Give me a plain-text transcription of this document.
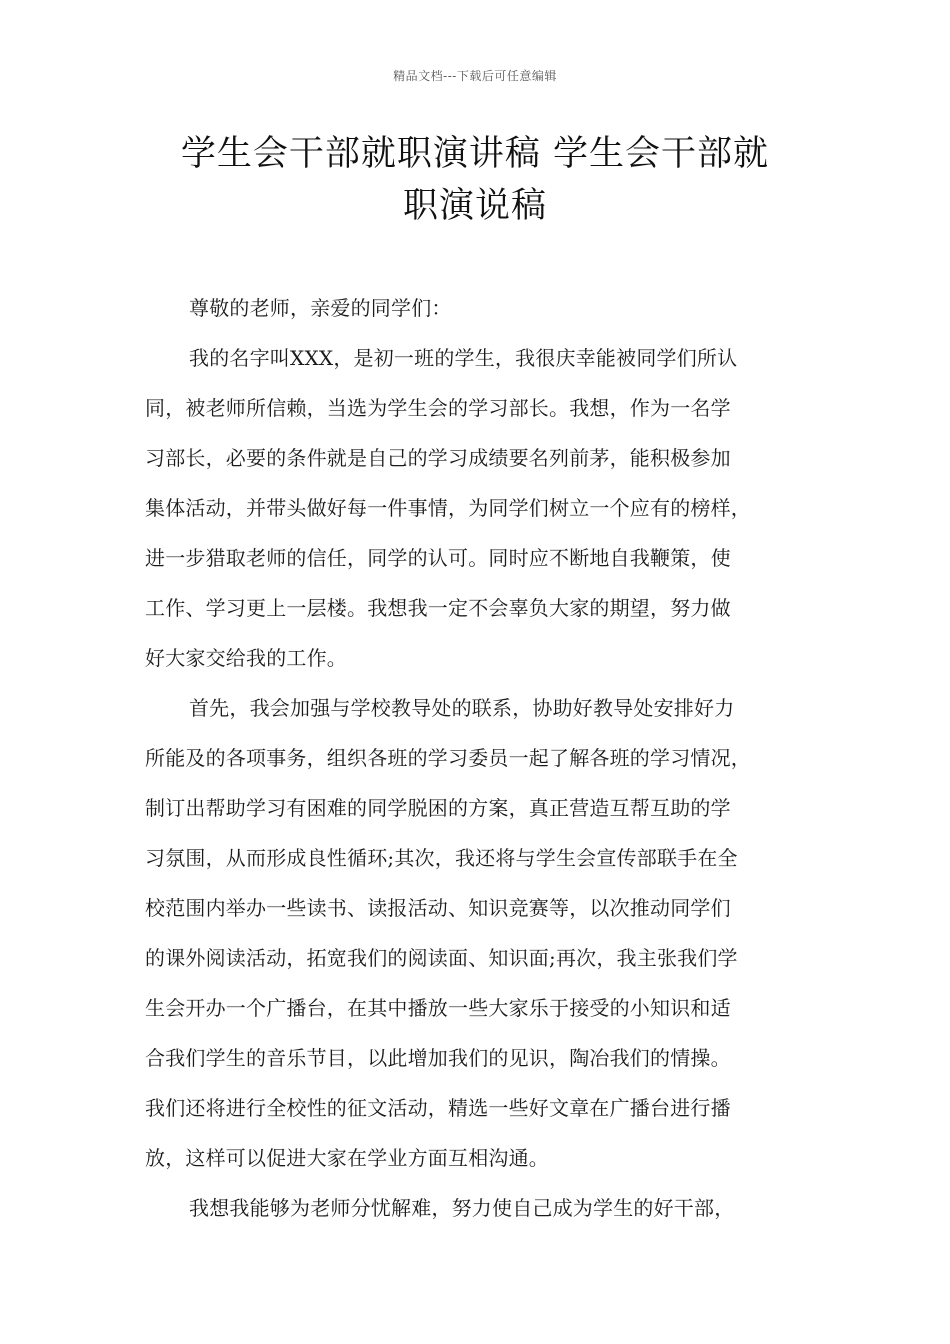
精品文档---下载后可任意编辑
学生会干部就职演讲稿 学生会干部就
职演说稿
尊敬的老师，亲爱的同学们：
我的名字叫XXX，是初一班的学生，我很庆幸能被同学们所认
同，被老师所信赖，当选为学生会的学习部长。我想，作为一名学
习部长，必要的条件就是自己的学习成绩要名列前茅，能积极参加
集体活动，并带头做好每一件事情，为同学们树立一个应有的榜样，
进一步猎取老师的信任，同学的认可。同时应不断地自我鞭策，使
工作、学习更上一层楼。我想我一定不会辜负大家的期望，努力做
好大家交给我的工作。
首先，我会加强与学校教导处的联系，协助好教导处安排好力
所能及的各项事务，组织各班的学习委员一起了解各班的学习情况，
制订出帮助学习有困难的同学脱困的方案，真正营造互帮互助的学
习氛围，从而形成良性循环;其次，我还将与学生会宣传部联手在全
校范围内举办一些读书、读报活动、知识竞赛等，以次推动同学们
的课外阅读活动，拓宽我们的阅读面、知识面;再次，我主张我们学
生会开办一个广播台，在其中播放一些大家乐于接受的小知识和适
合我们学生的音乐节目，以此增加我们的见识，陶冶我们的情操。
我们还将进行全校性的征文活动，精选一些好文章在广播台进行播
放，这样可以促进大家在学业方面互相沟通。
我想我能够为老师分忧解难，努力使自己成为学生的好干部，
